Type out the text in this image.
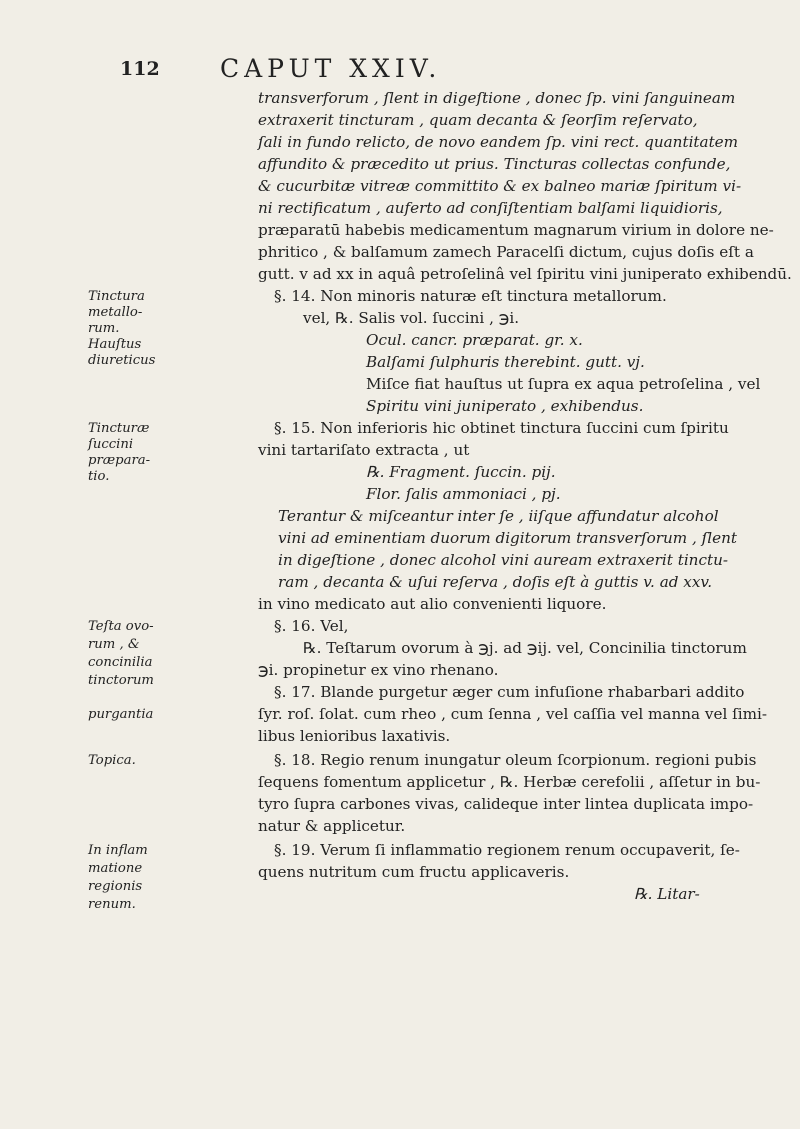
112 CAPUT XXIV.
transverforum , ſlent in digeſtione , donec ſp. vini ſanguineam
extraxerit tincturam , quam decanta & ſeorſim reſervato,
ſali in fundo relicto, de novo eandem ſp. vini rect. quantitatem
affundito & præcedito ut prius. Tincturas collectas confunde,
& cucurbitæ vitreæ committito & ex balneo mariæ ſpiritum vi-
ni rectificatum , auferto ad conſiſtentiam balſami liquidioris,
præparatū habebis medicamentum magnarum virium in dolore ne-
phritico , & balſamum zamech Paracelſi dictum, cujus doſis eſt a
gutt. v ad xx in aquâ petroſelinâ vel ſpiritu vini juniperato exhibendū.
§. 14. Non minoris naturæ eſt tinctura metallorum.
vel, ℞. Salis vol. ſuccini , ℈i.
Ocul. cancr. præparat. gr. x.
Balſami ſulphuris therebint. gutt. vj.
Miſce fiat hauſtus ut ſupra ex aqua petroſelina , vel
Spiritu vini juniperato , exhibendus.
§. 15. Non inferioris hic obtinet tinctura ſuccini cum ſpiritu
vini tartariſato extracta , ut
℞. Fragment. ſuccin. pij.
Flor. ſalis ammoniaci , pj.
Terantur & miſceantur inter ſe , iiſque affundatur alcohol
vini ad eminentiam duorum digitorum transverſorum , ſlent
in digeſtione , donec alcohol vini auream extraxerit tinctu-
ram , decanta & uſui reſerva , doſis eſt à guttis v. ad xxv.
in vino medicato aut alio convenienti liquore.
§. 16. Vel,
℞. Teſtarum ovorum à ℈j. ad ℈ij. vel, Concinilia tinctorum
℈i. propinetur ex vino rhenano.
§. 17. Blande purgetur æger cum infuſione rhabarbari addito
ſyr. roſ. ſolat. cum rheo , cum ſenna , vel caſſia vel manna vel ſimi-
libus lenioribus laxativis.
§. 18. Regio renum inungatur oleum ſcorpionum. regioni pubis
ſequens fomentum applicetur , ℞. Herbæ cerefolii , aſſetur in bu-
tyro ſupra carbones vivas, calideque inter lintea duplicata impo-
natur & applicetur.
§. 19. Verum ſi inflammatio regionem renum occupaverit, ſe-
quens nutritum cum fructu applicaveris.
℞. Litar-
Tinctura
metallo-
rum.
Hauſtus
diureticus
Tincturæ
ſuccini
præpara-
tio.
Teſta ovo-
rum , &
concinilia
tinctorum
purgantia
Topica.
In inflam
matione
regionis
renum.
